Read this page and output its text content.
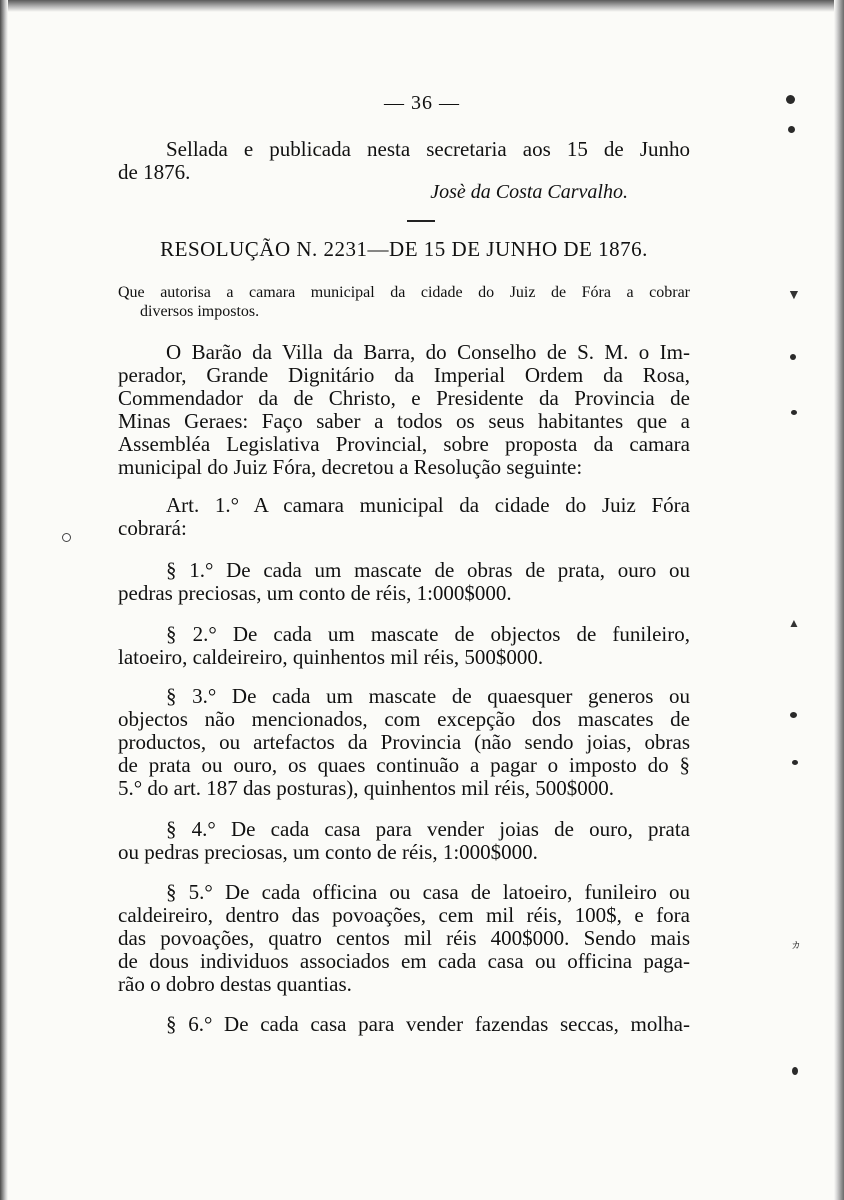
▼
▲
ヵ
— 36 —
Sellada e publicada nesta secretaria aos 15 de Junho
de 1876.
Josè da Costa Carvalho.
RESOLUÇÃO N. 2231—DE 15 DE JUNHO DE 1876.
Que autorisa a camara municipal da cidade do Juiz de Fóra a cobrar
diversos impostos.
O Barão da Villa da Barra, do Conselho de S. M. o Im-
perador, Grande Dignitário da Imperial Ordem da Rosa,
Commendador da de Christo, e Presidente da Provincia de
Minas Geraes: Faço saber a todos os seus habitantes que a
Assembléa Legislativa Provincial, sobre proposta da camara
municipal do Juiz Fóra, decretou a Resolução seguinte:
Art. 1.° A camara municipal da cidade do Juiz Fóra
cobrará:
§ 1.° De cada um mascate de obras de prata, ouro ou
pedras preciosas, um conto de réis, 1:000$000.
§ 2.° De cada um mascate de objectos de funileiro,
latoeiro, caldeireiro, quinhentos mil réis, 500$000.
§ 3.° De cada um mascate de quaesquer generos ou
objectos não mencionados, com excepção dos mascates de
productos, ou artefactos da Provincia (não sendo joias, obras
de prata ou ouro, os quaes continuão a pagar o imposto do §
5.° do art. 187 das posturas), quinhentos mil réis, 500$000.
§ 4.° De cada casa para vender joias de ouro, prata
ou pedras preciosas, um conto de réis, 1:000$000.
§ 5.° De cada officina ou casa de latoeiro, funileiro ou
caldeireiro, dentro das povoações, cem mil réis, 100$, e fora
das povoações, quatro centos mil réis 400$000. Sendo mais
de dous individuos associados em cada casa ou officina paga-
rão o dobro destas quantias.
§ 6.° De cada casa para vender fazendas seccas, molha-
